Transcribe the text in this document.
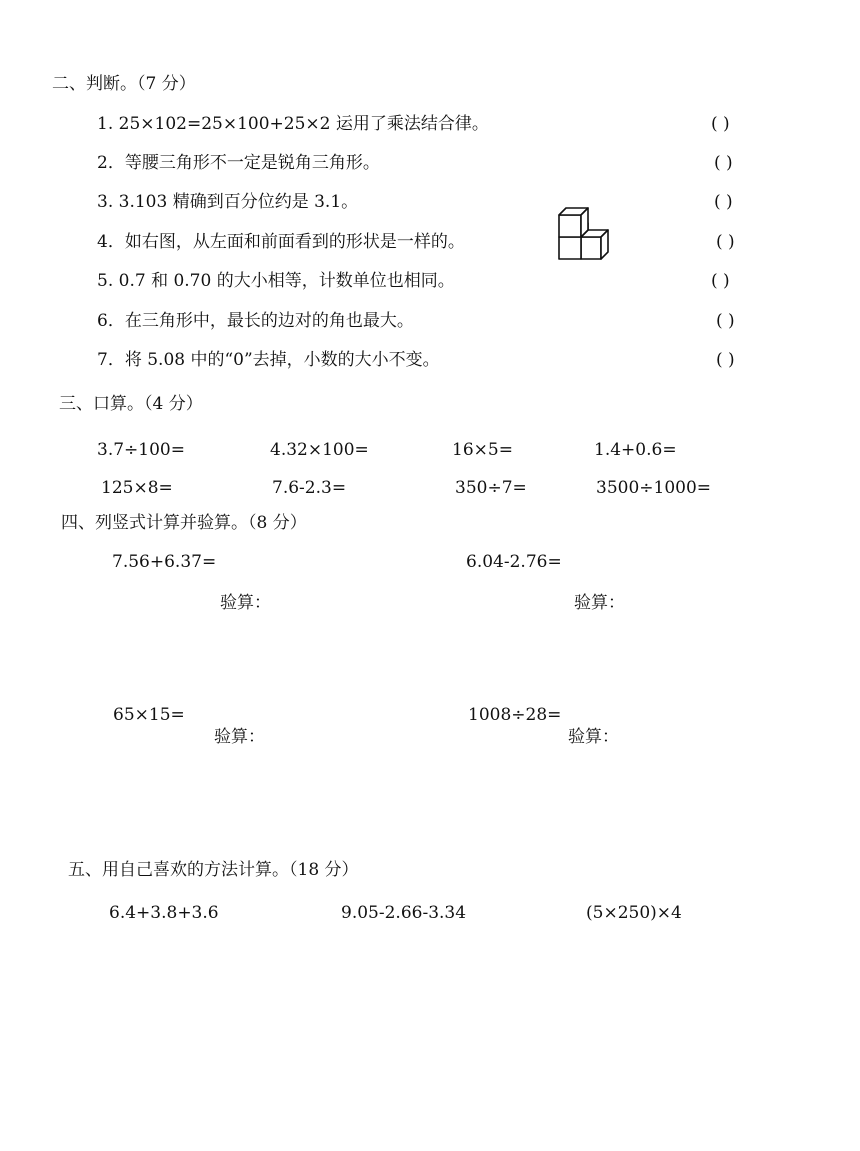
二、判断。（7 分）
1. 25×102=25×100+25×2 运用了乘法结合律。	( )
2．等腰三角形不一定是锐角三角形。	( )
3. 3.103 精确到百分位约是 3.1。	( )
4．如右图，从左面和前面看到的形状是一样的。	( )
5. 0.7 和 0.70 的大小相等，计数单位也相同。	( )
6．在三角形中，最长的边对的角也最大。	( )
7．将 5.08 中的“0”去掉，小数的大小不变。	( )
三、口算。（4 分）
3.7÷100=	4.32×100=	16×5=	1.4+0.6=
125×8=	7.6-2.3=	350÷7=	3500÷1000=
四、列竖式计算并验算。（8 分）
7.56+6.37=	6.04-2.76=
验算：	验算：
65×15=	1008÷28=
验算：	验算：
五、用自己喜欢的方法计算。（18 分）
6.4+3.8+3.6	9.05-2.66-3.34	(5×250)×4
